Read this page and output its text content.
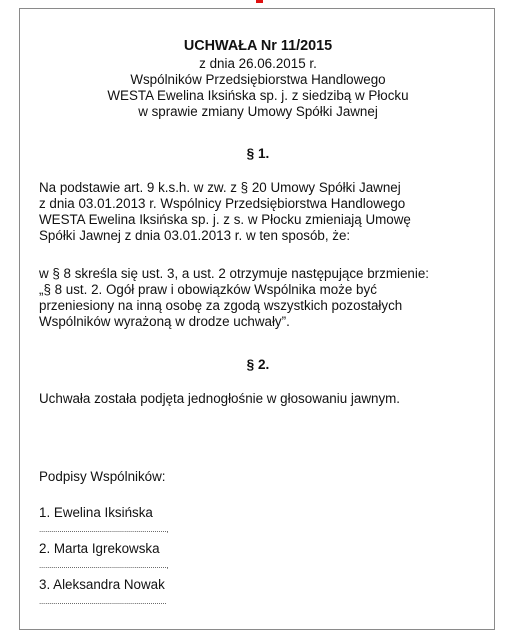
UCHWAŁA Nr 11/2015
z dnia 26.06.2015 r.
Wspólników Przedsiębiorstwa Handlowego
WESTA Ewelina Iksińska sp. j. z siedzibą w Płocku
w sprawie zmiany Umowy Spółki Jawnej
§ 1.
Na podstawie art. 9 k.s.h. w zw. z § 20 Umowy Spółki Jawnej
z dnia 03.01.2013 r. Wspólnicy Przedsiębiorstwa Handlowego
WESTA Ewelina Iksińska sp. j. z s. w Płocku zmieniają Umowę
Spółki Jawnej z dnia 03.01.2013 r. w ten sposób, że:
w § 8 skreśla się ust. 3, a ust. 2 otrzymuje następujące brzmienie:
„§ 8 ust. 2. Ogół praw i obowiązków Wspólnika może być
przeniesiony na inną osobę za zgodą wszystkich pozostałych
Wspólników wyrażoną w drodze uchwały”.
§ 2.
Uchwała została podjęta jednogłośnie w głosowaniu jawnym.
Podpisy Wspólników:
1. Ewelina Iksińska
...............................................................,
2. Marta Igrekowska
...............................................................,
3. Aleksandra Nowak
...............................................................
